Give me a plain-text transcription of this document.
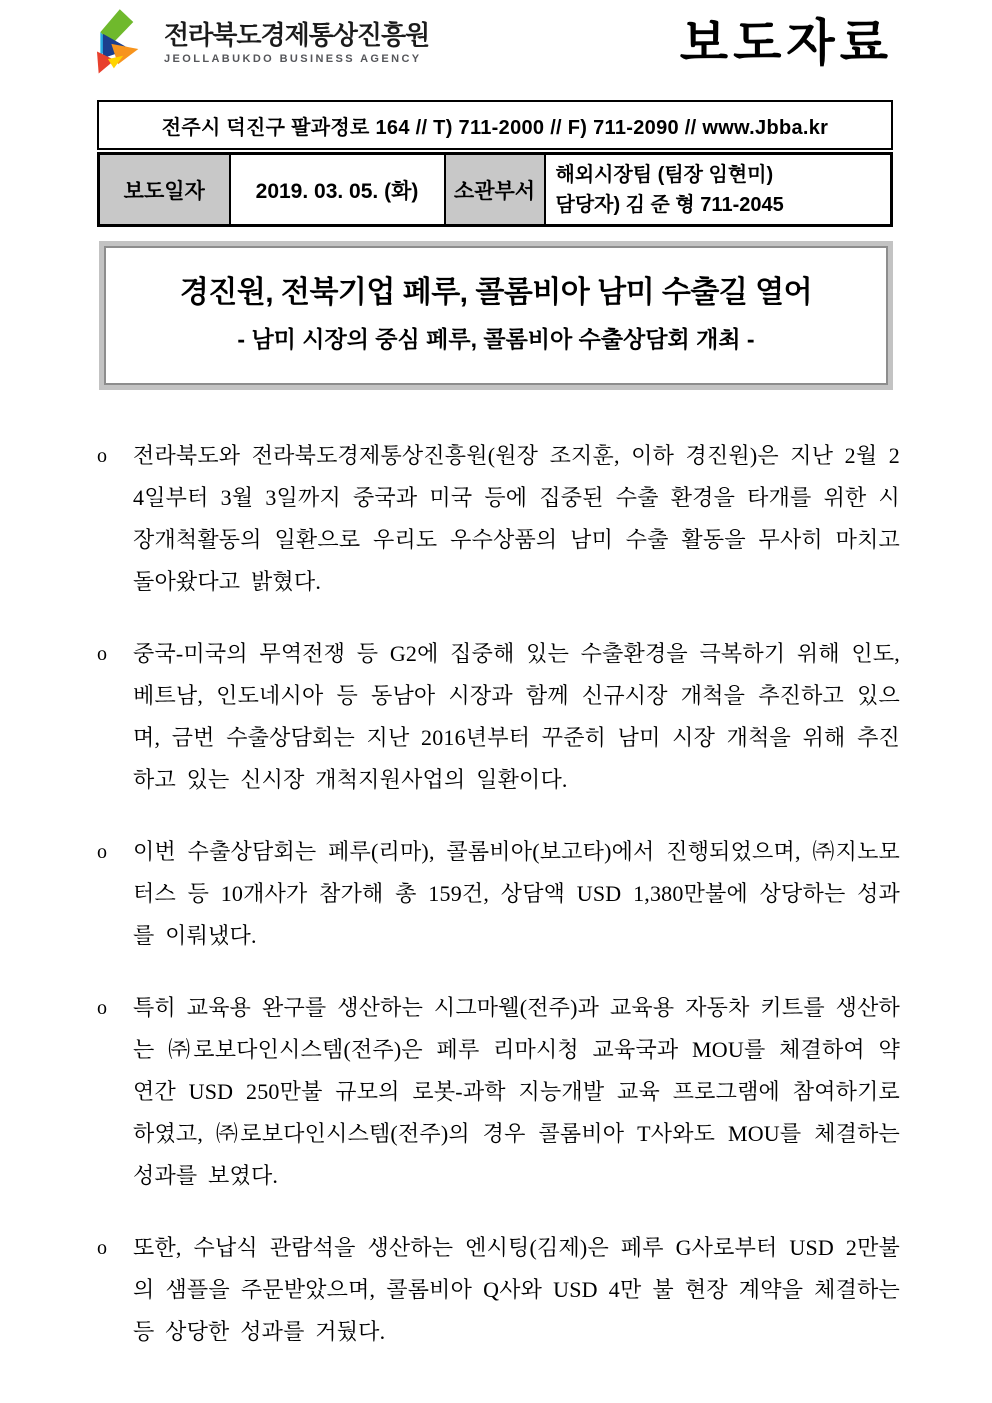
전라북도경제통상진흥원
JEOLLABUKDO BUSINESS AGENCY	보도자료
전주시 덕진구 팔과정로 164 // T) 711-2000 // F) 711-2090 // www.Jbba.kr
보도일자	2019. 03. 05. (화)	소관부서	
해외시장팀 (팀장 임현미)
담당자) 김 준 형 711-2045
경진원, 전북기업 페루, 콜롬비아 남미 수출길 열어
- 남미 시장의 중심 페루, 콜롬비아 수출상담회 개최 -
o	전라북도와 전라북도경제통상진흥원(원장 조지훈, 이하 경진원)은 지난 2월 24일부터 3월 3일까지 중국과 미국 등에 집중된 수출 환경을 타개를 위한 시장개척활동의 일환으로 우리도 우수상품의 남미 수출 활동을 무사히 마치고 돌아왔다고 밝혔다.
o	중국-미국의 무역전쟁 등 G2에 집중해 있는 수출환경을 극복하기 위해 인도, 베트남, 인도네시아 등 동남아 시장과 함께 신규시장 개척을 추진하고 있으며, 금번 수출상담회는 지난 2016년부터 꾸준히 남미 시장 개척을 위해 추진하고 있는 신시장 개척지원사업의 일환이다.
o	이번 수출상담회는 페루(리마), 콜롬비아(보고타)에서 진행되었으며, ㈜지노모터스 등 10개사가 참가해 총 159건, 상담액 USD 1,380만불에 상당하는 성과를 이뤄냈다.
o	특히 교육용 완구를 생산하는 시그마웰(전주)과 교육용 자동차 키트를 생산하는 ㈜로보다인시스템(전주)은 페루 리마시청 교육국과 MOU를 체결하여 약 연간 USD 250만불 규모의 로봇-과학 지능개발 교육 프로그램에 참여하기로 하였고, ㈜로보다인시스템(전주)의 경우 콜롬비아 T사와도 MOU를 체결하는 성과를 보였다.
o	또한, 수납식 관람석을 생산하는 엔시팅(김제)은 페루 G사로부터 USD 2만불의 샘플을 주문받았으며, 콜롬비아 Q사와 USD 4만 불 현장 계약을 체결하는 등 상당한 성과를 거뒀다.
